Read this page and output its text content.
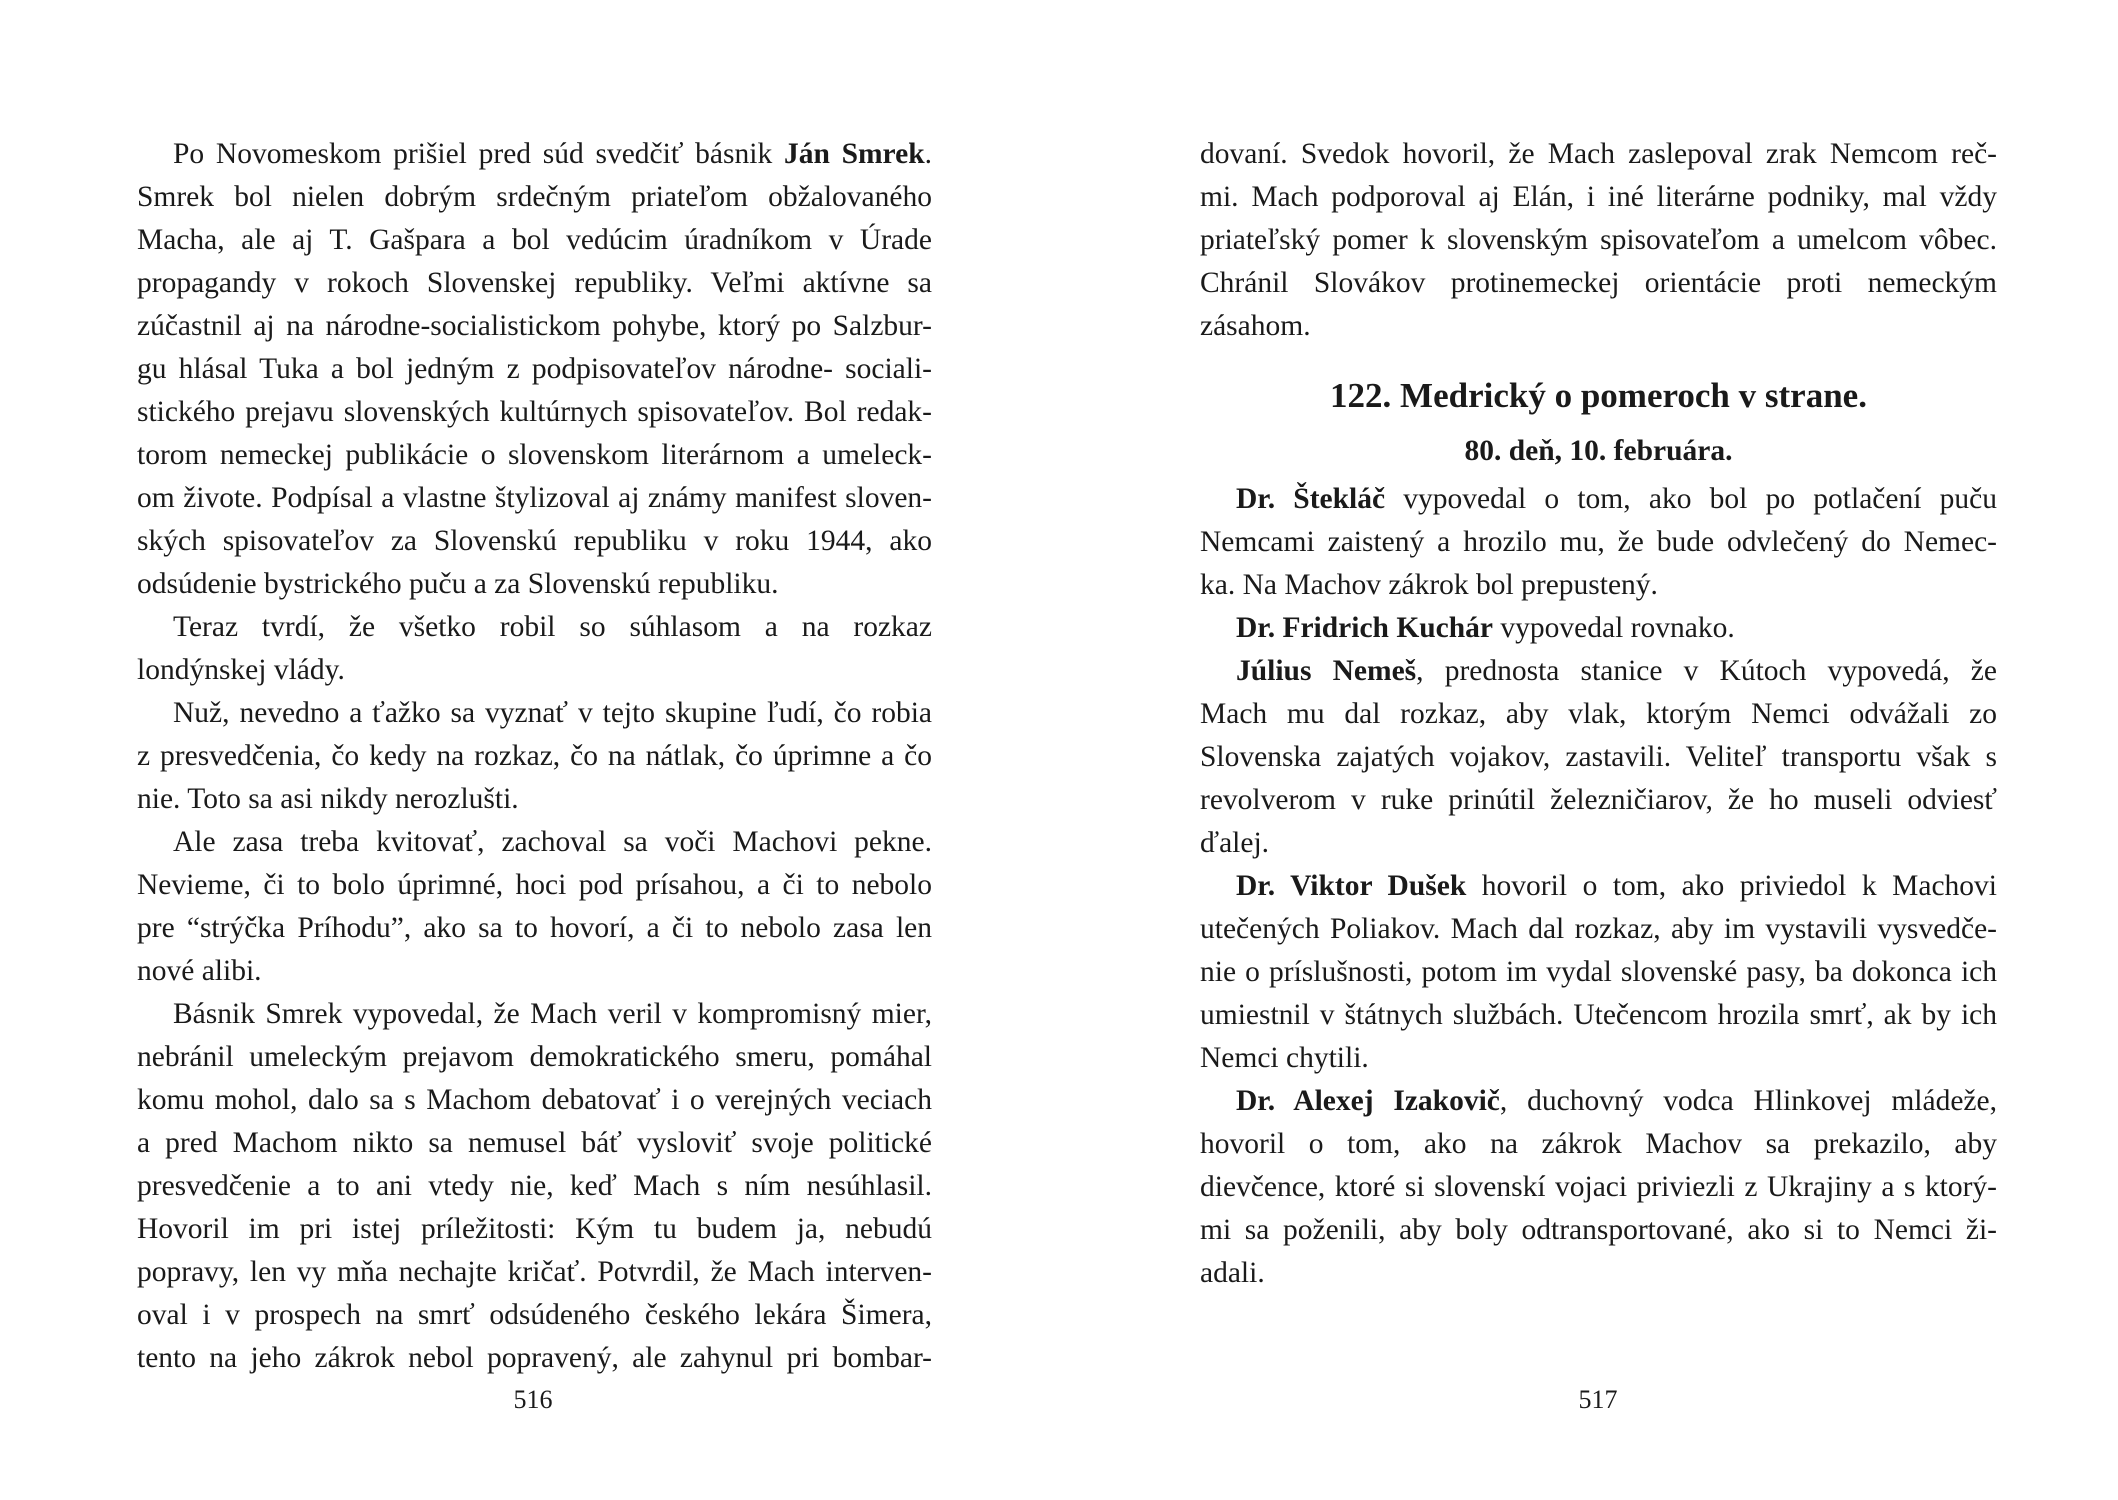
Po Novomeskom prišiel pred súd svedčiť básnik Ján Smrek.
Smrek bol nielen dobrým srdečným priateľom obžalovaného
Macha, ale aj T. Gašpara a bol vedúcim úradníkom v Úrade
propagandy v rokoch Slovenskej republiky. Veľmi aktívne sa
zúčastnil aj na národne-socialistickom pohybe, ktorý po Salzbur-
gu hlásal Tuka a bol jedným z podpisovateľov národne- sociali-
stického prejavu slovenských kultúrnych spisovateľov. Bol redak-
torom nemeckej publikácie o slovenskom literárnom a umeleck-
om živote. Podpísal a vlastne štylizoval aj známy manifest sloven-
ských spisovateľov za Slovenskú republiku v roku 1944, ako
odsúdenie bystrického puču a za Slovenskú republiku.
Teraz tvrdí, že všetko robil so súhlasom a na rozkaz
londýnskej vlády.
Nuž, nevedno a ťažko sa vyznať v tejto skupine ľudí, čo robia
z presvedčenia, čo kedy na rozkaz, čo na nátlak, čo úprimne a čo
nie. Toto sa asi nikdy nerozlušti.
Ale zasa treba kvitovať, zachoval sa voči Machovi pekne.
Nevieme, či to bolo úprimné, hoci pod prísahou, a či to nebolo
pre “strýčka Príhodu”, ako sa to hovorí, a či to nebolo zasa len
nové alibi.
Básnik Smrek vypovedal, že Mach veril v kompromisný mier,
nebránil umeleckým prejavom demokratického smeru, pomáhal
komu mohol, dalo sa s Machom debatovať i o verejných veciach
a pred Machom nikto sa nemusel báť vysloviť svoje politické
presvedčenie a to ani vtedy nie, keď Mach s ním nesúhlasil.
Hovoril im pri istej príležitosti: Kým tu budem ja, nebudú
popravy, len vy mňa nechajte kričať. Potvrdil, že Mach interven-
oval i v prospech na smrť odsúdeného českého lekára Šimera,
tento na jeho zákrok nebol popravený, ale zahynul pri bombar-
516
dovaní. Svedok hovoril, že Mach zaslepoval zrak Nemcom reč-
mi. Mach podporoval aj Elán, i iné literárne podniky, mal vždy
priateľský pomer k slovenským spisovateľom a umelcom vôbec.
Chránil Slovákov protinemeckej orientácie proti nemeckým
zásahom.
122. Medrický o pomeroch v strane.
80. deň, 10. februára.
Dr. Štekláč vypovedal o tom, ako bol po potlačení puču
Nemcami zaistený a hrozilo mu, že bude odvlečený do Nemec-
ka. Na Machov zákrok bol prepustený.
Dr. Fridrich Kuchár vypovedal rovnako.
Július Nemeš, prednosta stanice v Kútoch vypovedá, že
Mach mu dal rozkaz, aby vlak, ktorým Nemci odvážali zo
Slovenska zajatých vojakov, zastavili. Veliteľ transportu však s
revolverom v ruke prinútil železničiarov, že ho museli odviesť
ďalej.
Dr. Viktor Dušek hovoril o tom, ako priviedol k Machovi
utečených Poliakov. Mach dal rozkaz, aby im vystavili vysvedče-
nie o príslušnosti, potom im vydal slovenské pasy, ba dokonca ich
umiestnil v štátnych službách. Utečencom hrozila smrť, ak by ich
Nemci chytili.
Dr. Alexej Izakovič, duchovný vodca Hlinkovej mládeže,
hovoril o tom, ako na zákrok Machov sa prekazilo, aby
dievčence, ktoré si slovenskí vojaci priviezli z Ukrajiny a s ktorý-
mi sa poženili, aby boly odtransportované, ako si to Nemci ži-
adali.
517
